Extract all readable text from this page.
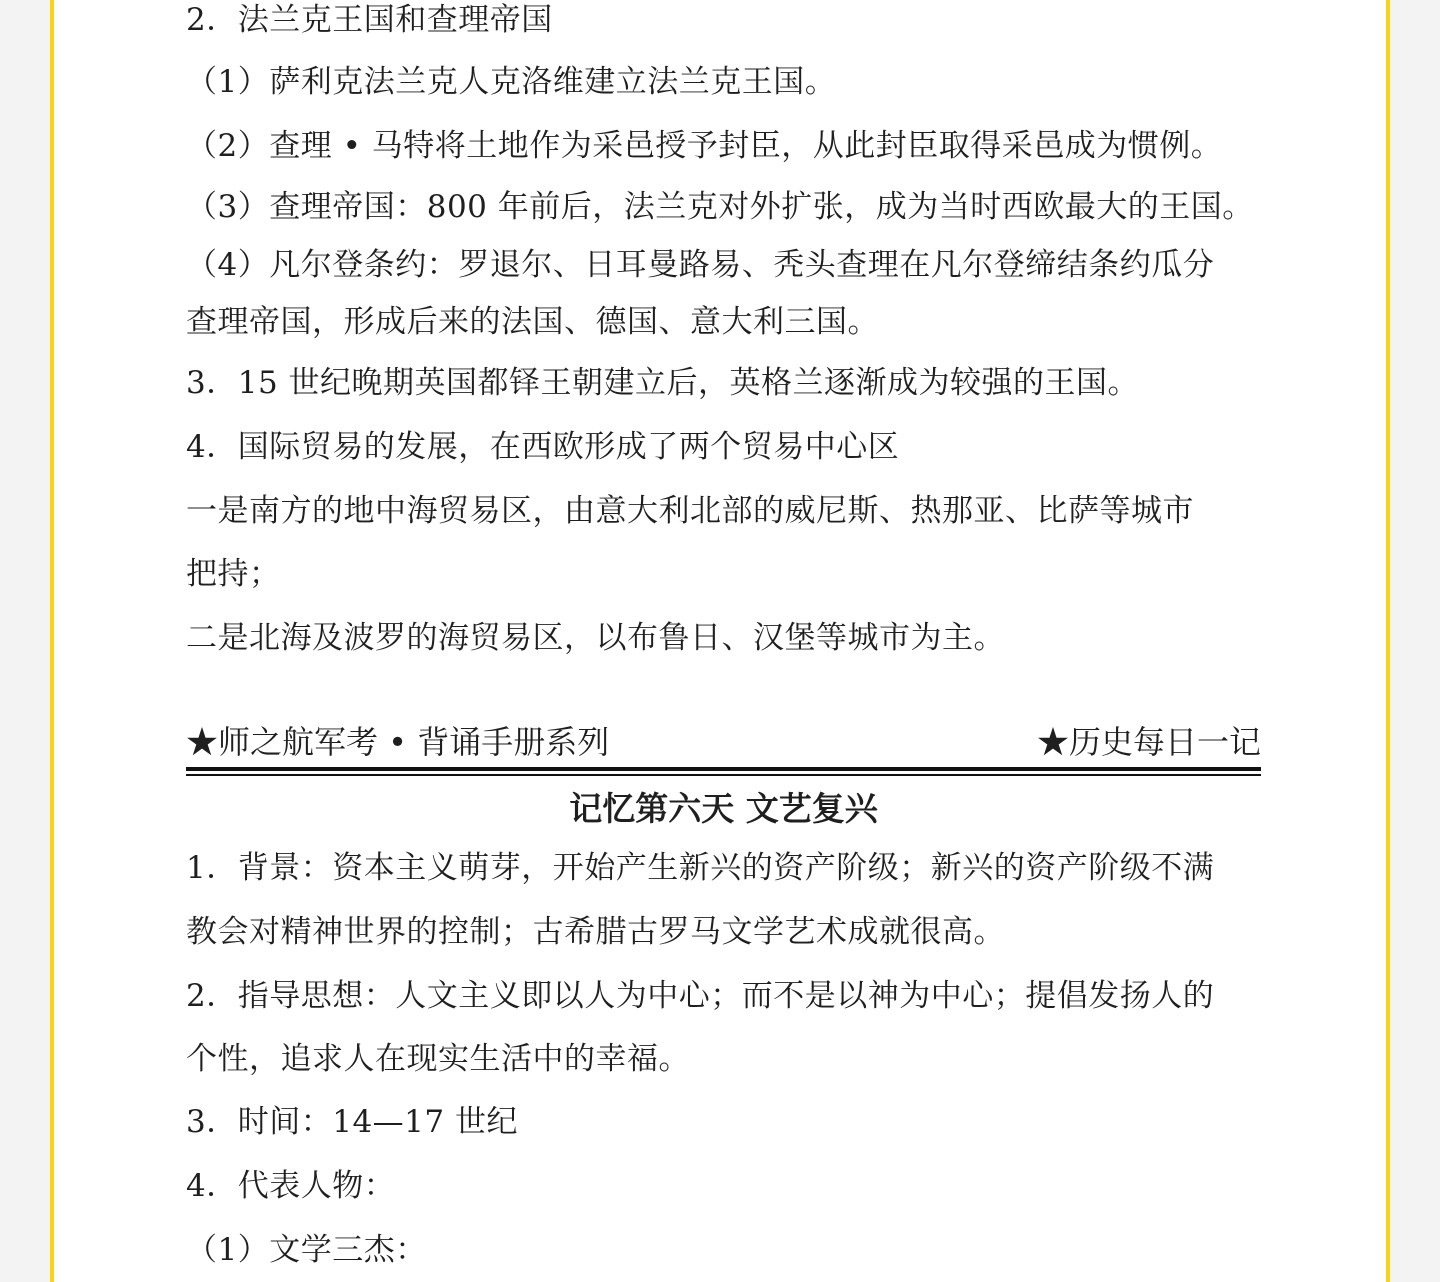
2．法兰克王国和查理帝国
（1）萨利克法兰克人克洛维建立法兰克王国。
（2）查理 • 马特将土地作为采邑授予封臣，从此封臣取得采邑成为惯例。
（3）查理帝国：800 年前后，法兰克对外扩张，成为当时西欧最大的王国。
（4）凡尔登条约：罗退尔、日耳曼路易、秃头查理在凡尔登缔结条约瓜分
查理帝国，形成后来的法国、德国、意大利三国。
3．15 世纪晚期英国都铎王朝建立后，英格兰逐渐成为较强的王国。
4．国际贸易的发展，在西欧形成了两个贸易中心区
一是南方的地中海贸易区，由意大利北部的威尼斯、热那亚、比萨等城市
把持；
二是北海及波罗的海贸易区，以布鲁日、汉堡等城市为主。
★师之航军考 • 背诵手册系列	★历史每日一记
记忆第六天 文艺复兴
1．背景：资本主义萌芽，开始产生新兴的资产阶级；新兴的资产阶级不满
教会对精神世界的控制；古希腊古罗马文学艺术成就很高。
2．指导思想：人文主义即以人为中心；而不是以神为中心；提倡发扬人的
个性，追求人在现实生活中的幸福。
3．时间：14—17 世纪
4．代表人物：
（1）文学三杰：
